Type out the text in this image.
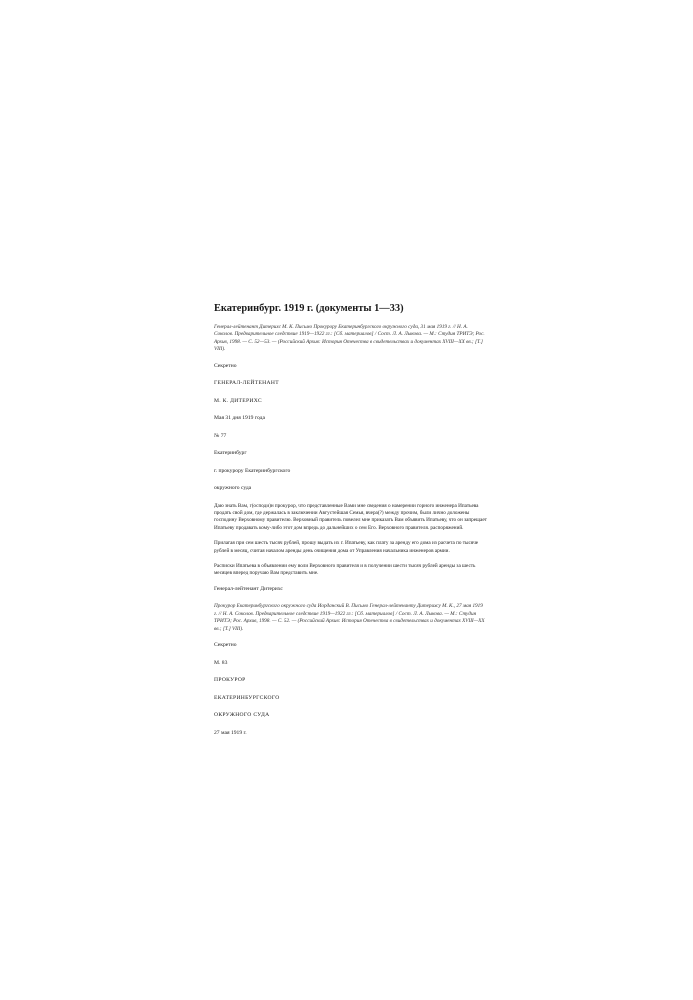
Екатеринбург. 1919 г. (документы 1—33)
Генерал-лейтенант Дитерихс М. К. Письмо Прокурору Екатеринбургского окружного суда, 31 мая 1919 г. // Н. А. Соколов. Предварительное следствие 1919—1922 гг.: [Сб. материалов] / Сост. Л. А. Лыкова. — М.: Студия ТРИТЭ; Рос. Архив, 1998. — С. 52—53. — (Российский Архив: История Отечества в свидетельствах и документах XVIII—XX вв.; [Т.] VIII).
Секретно
ГЕНЕРАЛ-ЛЕЙТЕНАНТ
М. К. ДИТЕРИХС
Мая 31 дня 1919 года
№ 77
Екатеринбург
г. прокурору Екатеринбургского
окружного суда
Даю знать Вам, г(осподи)н прокурор, что представленные Вами мне сведения о намерении горного инженера Ипатьева продать свой дом, где держалась в заключении Августейшая Семья, вчера(?) между прочим, были лично доложены господину Верховному правителю. Верховный правитель повелел мне приказать Вам объявить Ипатьеву, что он запрещает Ипатьеву продавать кому-либо этот дом впредь до дальнейших о сем Его. Верховного правителя. распоряжений.
Прилагая при сем шесть тысяч рублей, прошу выдать их г. Ипатьеву, как плату за аренду его дома из расчета по тысяче рублей в месяц, считая началом аренды день очищения дома от Управления начальника инженеров армии.
Расписки Ипатьева в объявлении ему воли Верховного правителя и в получении шести тысяч рублей аренды за шесть месяцев вперед поручаю Вам представить мне.
Генерал-лейтенант Дитерихс
Прокурор Екатеринбургского окружного суда Иорданский В. Письмо Генерал-лейтенанту Дитерихсу М. К., 27 мая 1919 г. // Н. А. Соколов. Предварительное следствие 1919—1922 гг.: [Сб. материалов] / Сост. Л. А. Лыкова. — М.: Студия ТРИТЭ; Рос. Архив, 1998. — С. 52. — (Российский Архив: История Отечества в свидетельствах и документах XVIII—XX вв.; [Т.] VIII).
Секретно
М. 83
ПРОКУРОР
ЕКАТЕРИНБУРГСКОГО
ОКРУЖНОГО СУДА
27 мая 1919 г.
